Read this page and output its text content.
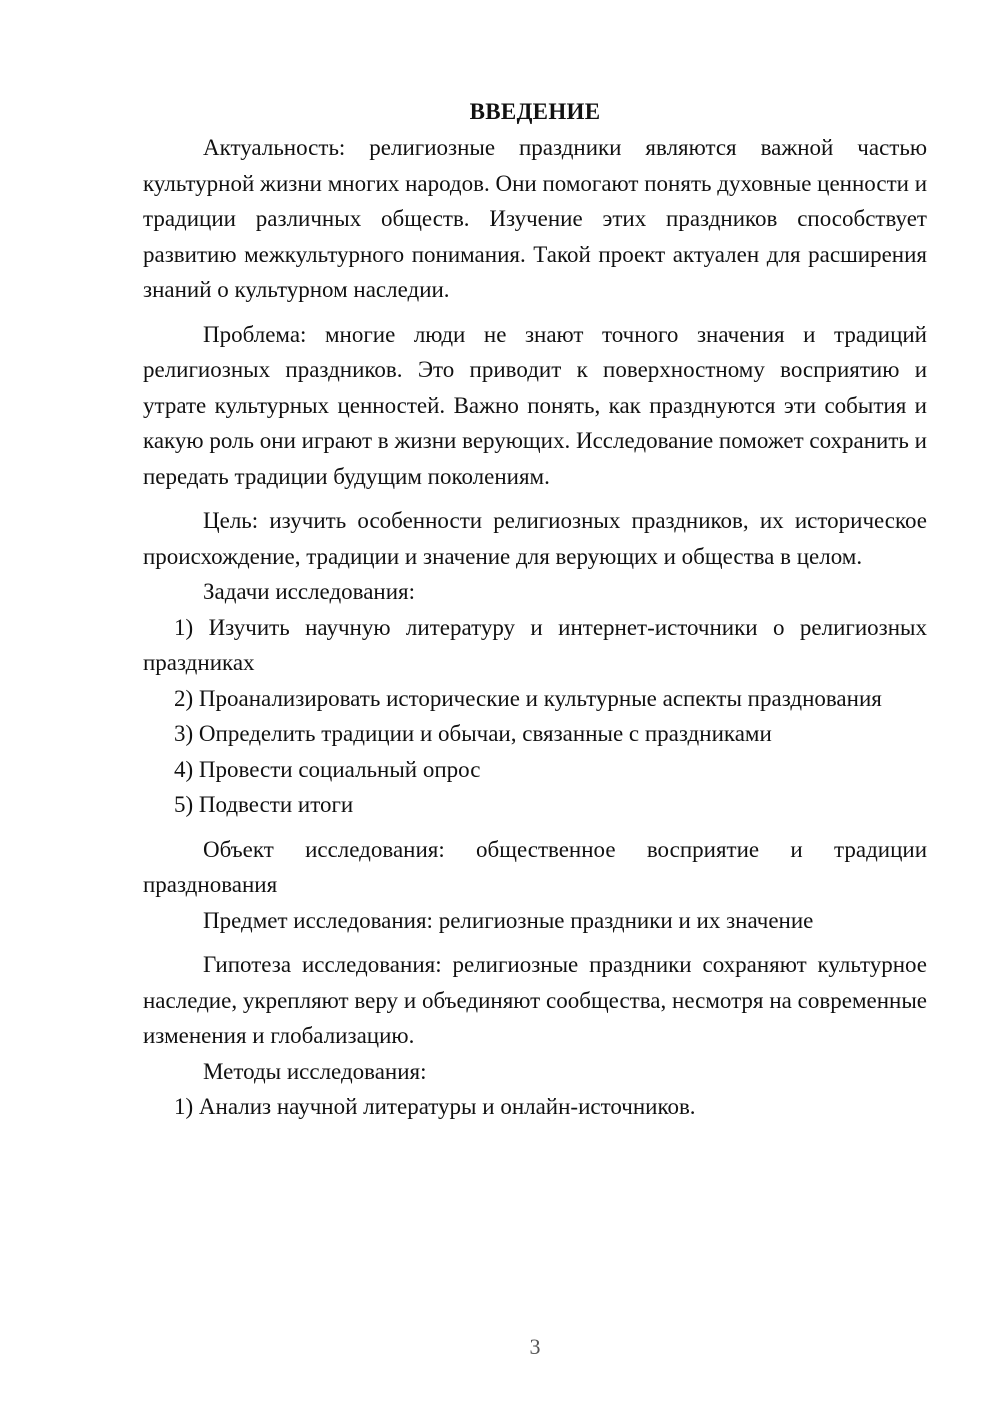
ВВЕДЕНИЕ

Актуальность: религиозные праздники являются важной частью культурной жизни многих народов. Они помогают понять духовные ценности и традиции различных обществ. Изучение этих праздников способствует развитию межкультурного понимания. Такой проект актуален для расширения знаний о культурном наследии.

Проблема: многие люди не знают точного значения и традиций религиозных праздников. Это приводит к поверхностному восприятию и утрате культурных ценностей. Важно понять, как празднуются эти события и какую роль они играют в жизни верующих. Исследование поможет сохранить и передать традиции будущим поколениям.

Цель: изучить особенности религиозных праздников, их историческое происхождение, традиции и значение для верующих и общества в целом.

Задачи исследования:

1) Изучить научную литературу и интернет-источники о религиозных праздниках

2) Проанализировать исторические и культурные аспекты празднования

3) Определить традиции и обычаи, связанные с праздниками

4) Провести социальный опрос

5) Подвести итоги

Объект исследования: общественное восприятие и традиции празднования

Предмет исследования: религиозные праздники и их значение

Гипотеза исследования: религиозные праздники сохраняют культурное наследие, укрепляют веру и объединяют сообщества, несмотря на современные изменения и глобализацию.

Методы исследования:

1) Анализ научной литературы и онлайн-источников.

3
